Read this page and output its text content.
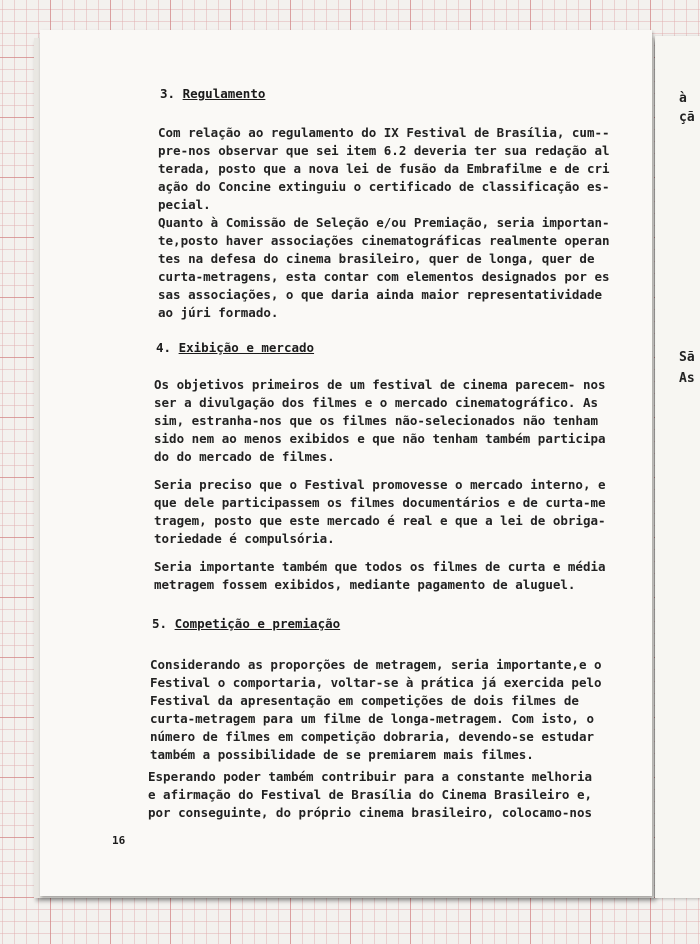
à
çã
Sã
As
3. Regulamento
Com relação ao regulamento do IX Festival de Brasília, cum--
pre-nos observar que sei item 6.2 deveria ter sua redação al
terada, posto que a nova lei de fusão da Embrafilme e de cri
ação do Concine extinguiu o certificado de classificação es-
pecial.
Quanto à Comissão de Seleção e/ou Premiação, seria importan-
te,posto haver associações cinematográficas realmente operan
tes na defesa do cinema brasileiro, quer de longa, quer de
curta-metragens, esta contar com elementos designados por es
sas associações, o que daria ainda maior representatividade
ao júri formado.
4. Exibição e mercado
Os objetivos primeiros de um festival de cinema parecem- nos
ser a divulgação dos filmes e o mercado cinematográfico. As
sim, estranha-nos que os filmes não-selecionados não tenham
sido nem ao menos exibidos e que não tenham também participa
do do mercado de filmes.
Seria preciso que o Festival promovesse o mercado interno, e
que dele participassem os filmes documentários e de curta-me
tragem, posto que este mercado é real e que a lei de obriga-
toriedade é compulsória.
Seria importante também que todos os filmes de curta e média
metragem fossem exibidos, mediante pagamento de aluguel.
5. Competição e premiação
Considerando as proporções de metragem, seria importante,e o
Festival o comportaria, voltar-se à prática já exercida pelo
Festival da apresentação em competições de dois filmes de
curta-metragem para um filme de longa-metragem. Com isto, o
número de filmes em competição dobraria, devendo-se estudar
também a possibilidade de se premiarem mais filmes.
Esperando poder também contribuir para a constante melhoria
e afirmação do Festival de Brasília do Cinema Brasileiro e,
por conseguinte, do próprio cinema brasileiro, colocamo-nos
16
